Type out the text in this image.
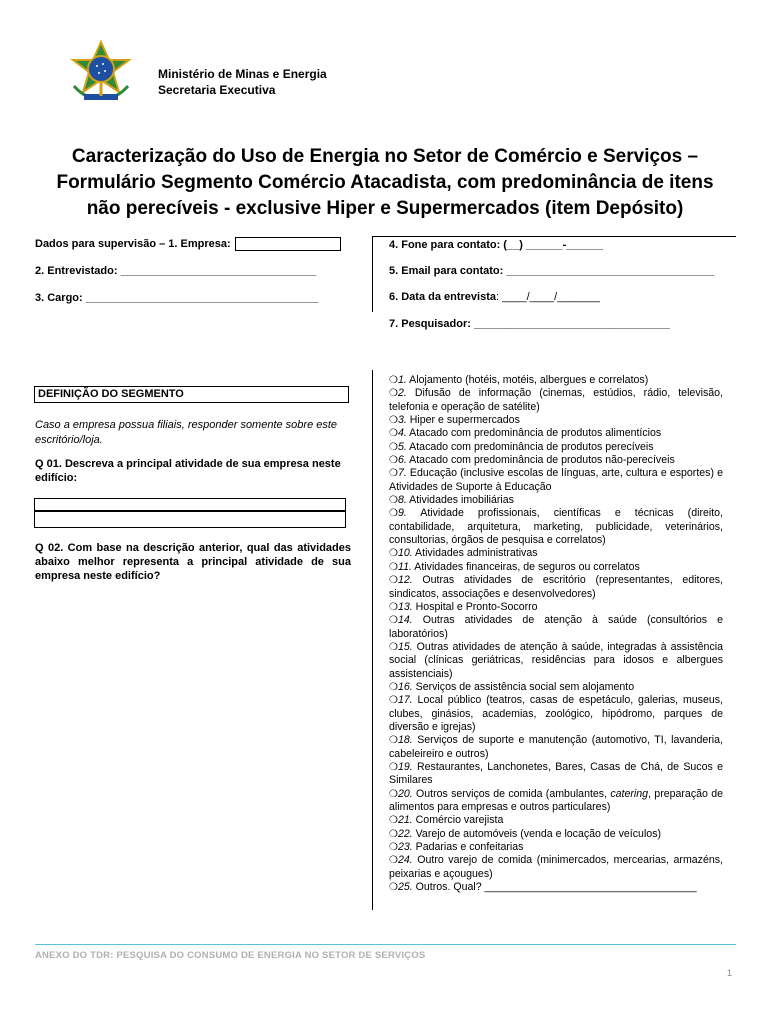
Ministério de Minas e Energia
Secretaria Executiva
Caracterização do Uso de Energia no Setor de Comércio e Serviços –
Formulário Segmento Comércio Atacadista, com predominância de itens
não perecíveis - exclusive Hiper e Supermercados (item Depósito)
Dados para supervisão – 1. Empresa:	4. Fone para contato: (__) ______-______
2. Entrevistado: ________________________________	5. Email para contato: __________________________________
3. Cargo: ______________________________________	6. Data da entrevista: ____/____/_______
7. Pesquisador: ________________________________
DEFINIÇÃO DO SEGMENTO
Caso a empresa possua filiais, responder somente sobre este escritório/loja.
Q 01. Descreva a principal atividade de sua empresa neste edifício:
Q 02. Com base na descrição anterior, qual das atividades abaixo melhor representa a principal atividade de sua empresa neste edifício?
❍1. Alojamento (hotéis, motéis, albergues e correlatos)
❍2. Difusão de informação (cinemas, estúdios, rádio, televisão, telefonia e operação de satélite)
❍3. Hiper e supermercados
❍4. Atacado com predominância de produtos alimentícios
❍5. Atacado com predominância de produtos perecíveis
❍6. Atacado com predominância de produtos não-perecíveis
❍7. Educação (inclusive escolas de línguas, arte, cultura e esportes) e Atividades de Suporte à Educação
❍8. Atividades imobiliárias
❍9. Atividade profissionais, científicas e técnicas (direito, contabilidade, arquitetura, marketing, publicidade, veterinários, consultorias, órgãos de pesquisa e correlatos)
❍10. Atividades administrativas
❍11. Atividades financeiras, de seguros ou correlatos
❍12. Outras atividades de escritório (representantes, editores, sindicatos, associações e desenvolvedores)
❍13. Hospital e Pronto-Socorro
❍14. Outras atividades de atenção à saúde (consultórios e laboratórios)
❍15. Outras atividades de atenção à saúde, integradas à assistência social (clínicas geriátricas, residências para idosos e albergues assistenciais)
❍16. Serviços de assistência social sem alojamento
❍17. Local público (teatros, casas de espetáculo, galerias, museus, clubes, ginásios, academias, zoológico, hipódromo, parques de diversão e igrejas)
❍18. Serviços de suporte e manutenção (automotivo, TI, lavanderia, cabeleireiro e outros)
❍19. Restaurantes, Lanchonetes, Bares, Casas de Chá, de Sucos e Similares
❍20. Outros serviços de comida (ambulantes, catering, preparação de alimentos para empresas e outros particulares)
❍21. Comércio varejista
❍22. Varejo de automóveis (venda e locação de veículos)
❍23. Padarias e confeitarias
❍24. Outro varejo de comida (minimercados, mercearias, armazéns, peixarias e açougues)
❍25. Outros. Qual? ____________________________________
ANEXO DO TDR: PESQUISA DO CONSUMO DE ENERGIA NO SETOR DE SERVIÇOS
1
